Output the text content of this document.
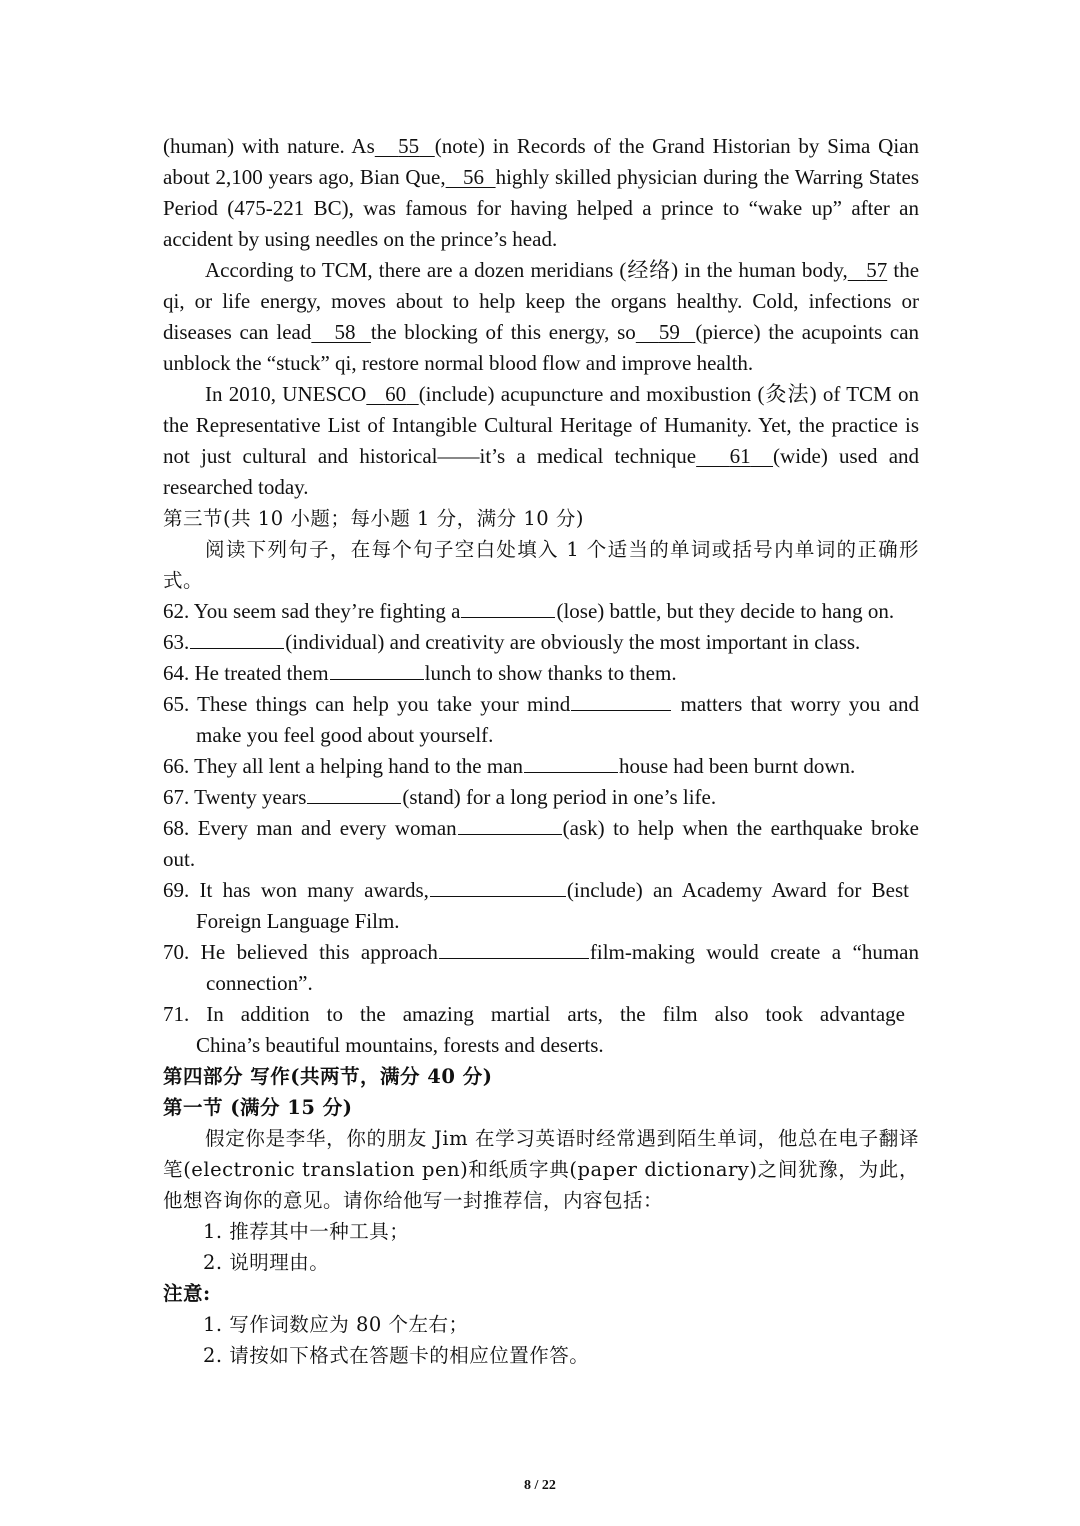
(human) with nature. As 55 (note) in Records of the Grand Historian by Sima Qian about 2,100 years ago, Bian Que, 56 highly skilled physician during the Warring States Period (475-221 BC), was famous for having helped a prince to “wake up” after an accident by using needles on the prince’s head.

According to TCM, there are a dozen meridians (经络) in the human body, 57 the qi, or life energy, moves about to help keep the organs healthy. Cold, infections or diseases can lead 58 the blocking of this energy, so 59 (pierce) the acupoints can unblock the “stuck” qi, restore normal blood flow and improve health.

In 2010, UNESCO 60 (include) acupuncture and moxibustion (灸法) of TCM on the Representative List of Intangible Cultural Heritage of Humanity. Yet, the practice is not just cultural and historical——it’s a medical technique 61 (wide) used and researched today.

第三节(共 10 小题；每小题 1 分，满分 10 分)

阅读下列句子，在每个句子空白处填入 1 个适当的单词或括号内单词的正确形式。

62. You seem sad they’re fighting a	(lose) battle, but they decide to hang on.

63.	(individual) and creativity are obviously the most important in class.

64. He treated them	lunch to show thanks to them.

65. These things can help you take your mind	matters that worry you and

make you feel good about yourself.

66. They all lent a helping hand to the man	house had been burnt down.

67. Twenty years	(stand) for a long period in one’s life.

68. Every man and every woman	(ask) to help when the earthquake broke out.

69. It has won many awards,	(include) an Academy Award for Best

Foreign Language Film.

70. He believed this approach	film-making would create a “human

connection”.

71. In addition to the amazing martial arts, the film also took advantage

China’s beautiful mountains, forests and deserts.

第四部分 写作(共两节，满分 40 分)

第一节 (满分 15 分)

假定你是李华，你的朋友 Jim 在学习英语时经常遇到陌生单词，他总在电子翻译笔(electronic translation pen)和纸质字典(paper dictionary)之间犹豫，为此，他想咨询你的意见。请你给他写一封推荐信，内容包括：

1. 推荐其中一种工具；

2. 说明理由。

注意:

1. 写作词数应为 80 个左右；

2. 请按如下格式在答题卡的相应位置作答。

8 / 22
